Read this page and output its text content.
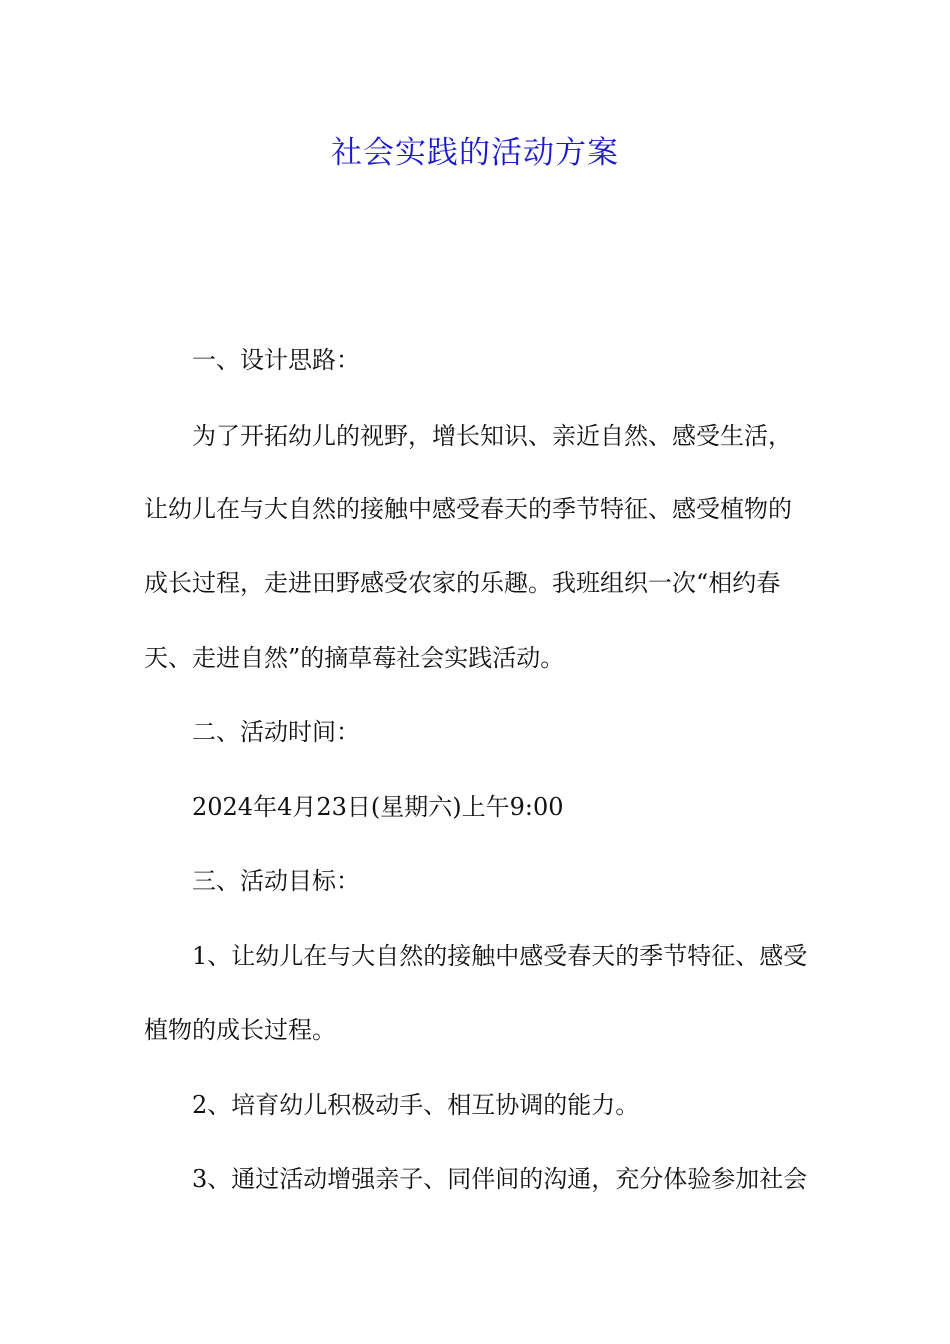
社会实践的活动方案

一、设计思路：

为了开拓幼儿的视野，增长知识、亲近自然、感受生活，

让幼儿在与大自然的接触中感受春天的季节特征、感受植物的

成长过程，走进田野感受农家的乐趣。我班组织一次“相约春

天、走进自然”的摘草莓社会实践活动。

二、活动时间：

2024年4月23日(星期六)上午9:00

三、活动目标：

1、让幼儿在与大自然的接触中感受春天的季节特征、感受

植物的成长过程。

2、培育幼儿积极动手、相互协调的能力。

3、通过活动增强亲子、同伴间的沟通，充分体验参加社会
